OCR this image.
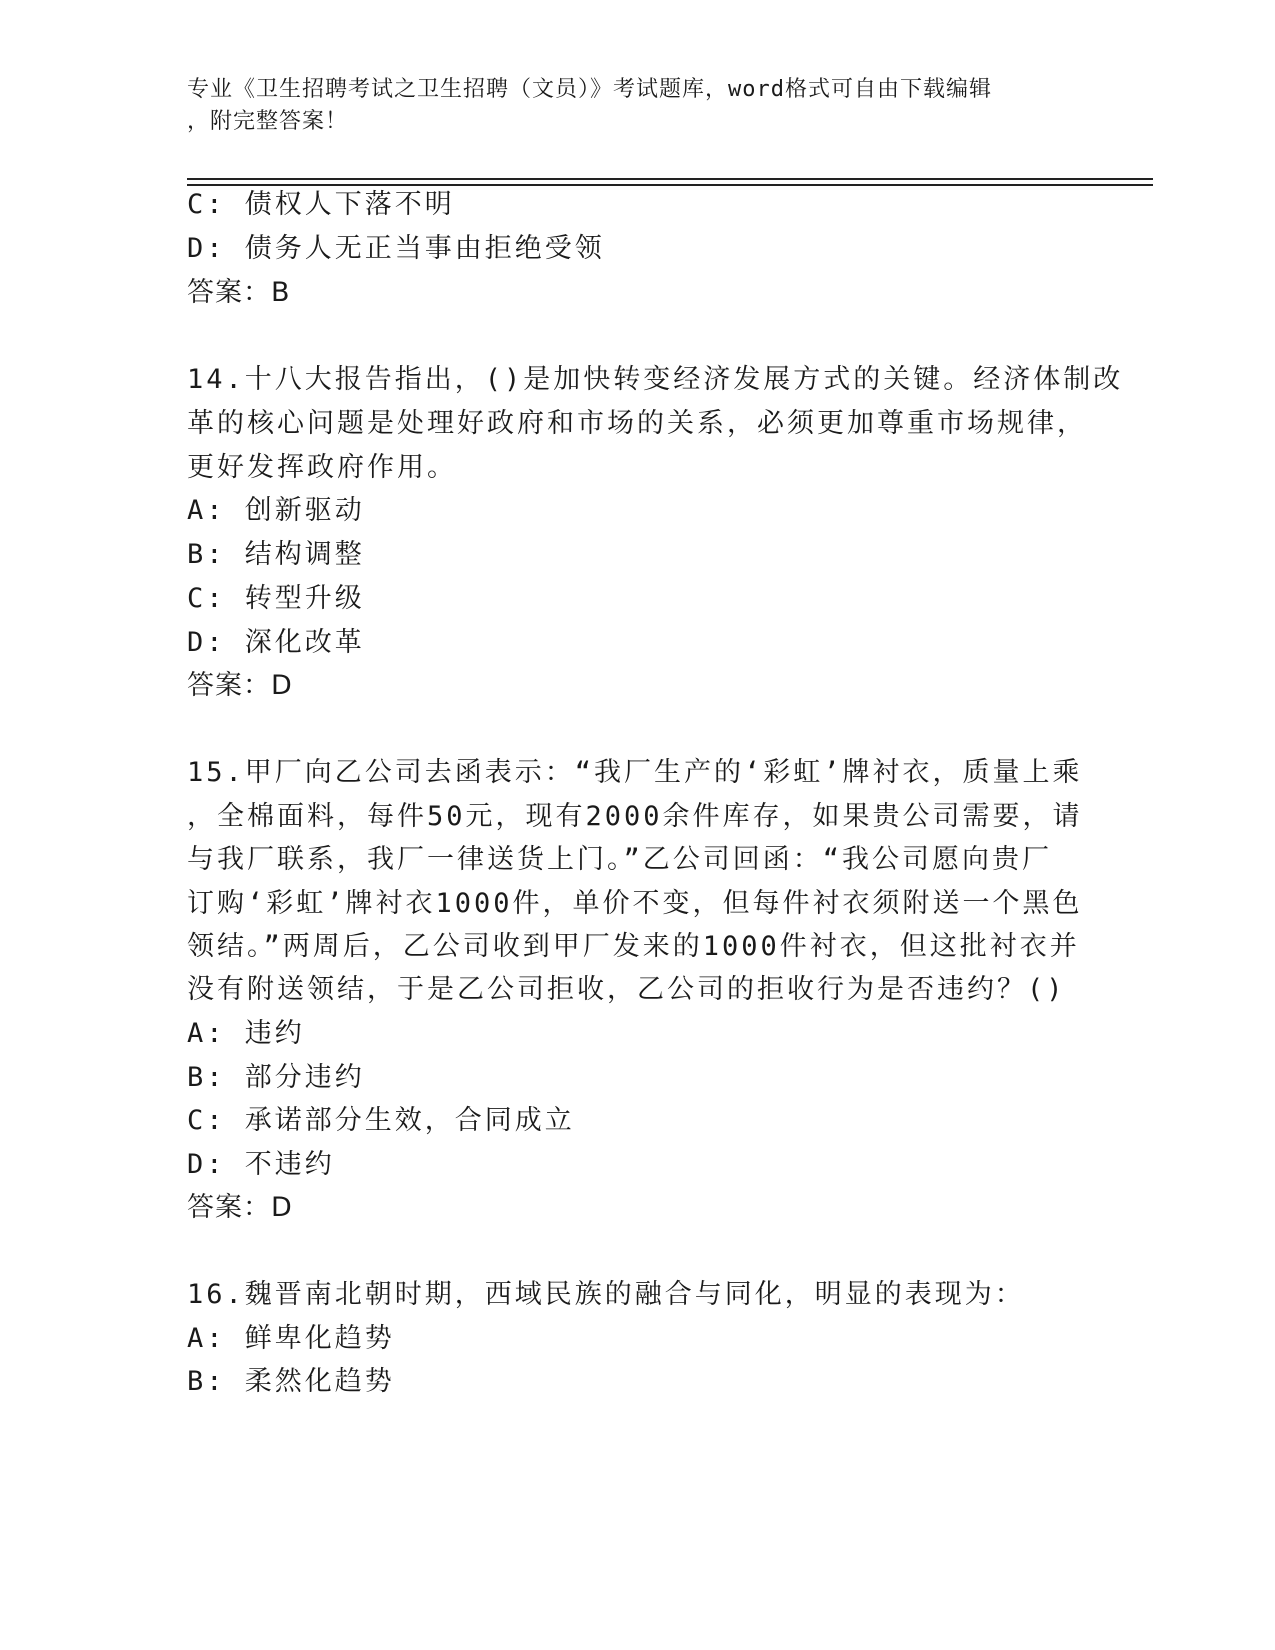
专业《卫生招聘考试之卫生招聘（文员）》考试题库，word格式可自由下载编辑
，附完整答案！
C: 债权人下落不明
D: 债务人无正当事由拒绝受领
答案：B
14.十八大报告指出，()是加快转变经济发展方式的关键。经济体制改
革的核心问题是处理好政府和市场的关系，必须更加尊重市场规律，
更好发挥政府作用。
A: 创新驱动
B: 结构调整
C: 转型升级
D: 深化改革
答案：D
15.甲厂向乙公司去函表示：“我厂生产的‘彩虹’牌衬衣，质量上乘
，全棉面料，每件50元，现有2000余件库存，如果贵公司需要，请
与我厂联系，我厂一律送货上门。”乙公司回函：“我公司愿向贵厂
订购‘彩虹’牌衬衣1000件，单价不变，但每件衬衣须附送一个黑色
领结。”两周后，乙公司收到甲厂发来的1000件衬衣，但这批衬衣并
没有附送领结，于是乙公司拒收，乙公司的拒收行为是否违约？()
A: 违约
B: 部分违约
C: 承诺部分生效，合同成立
D: 不违约
答案：D
16.魏晋南北朝时期，西域民族的融合与同化，明显的表现为：
A: 鲜卑化趋势
B: 柔然化趋势
